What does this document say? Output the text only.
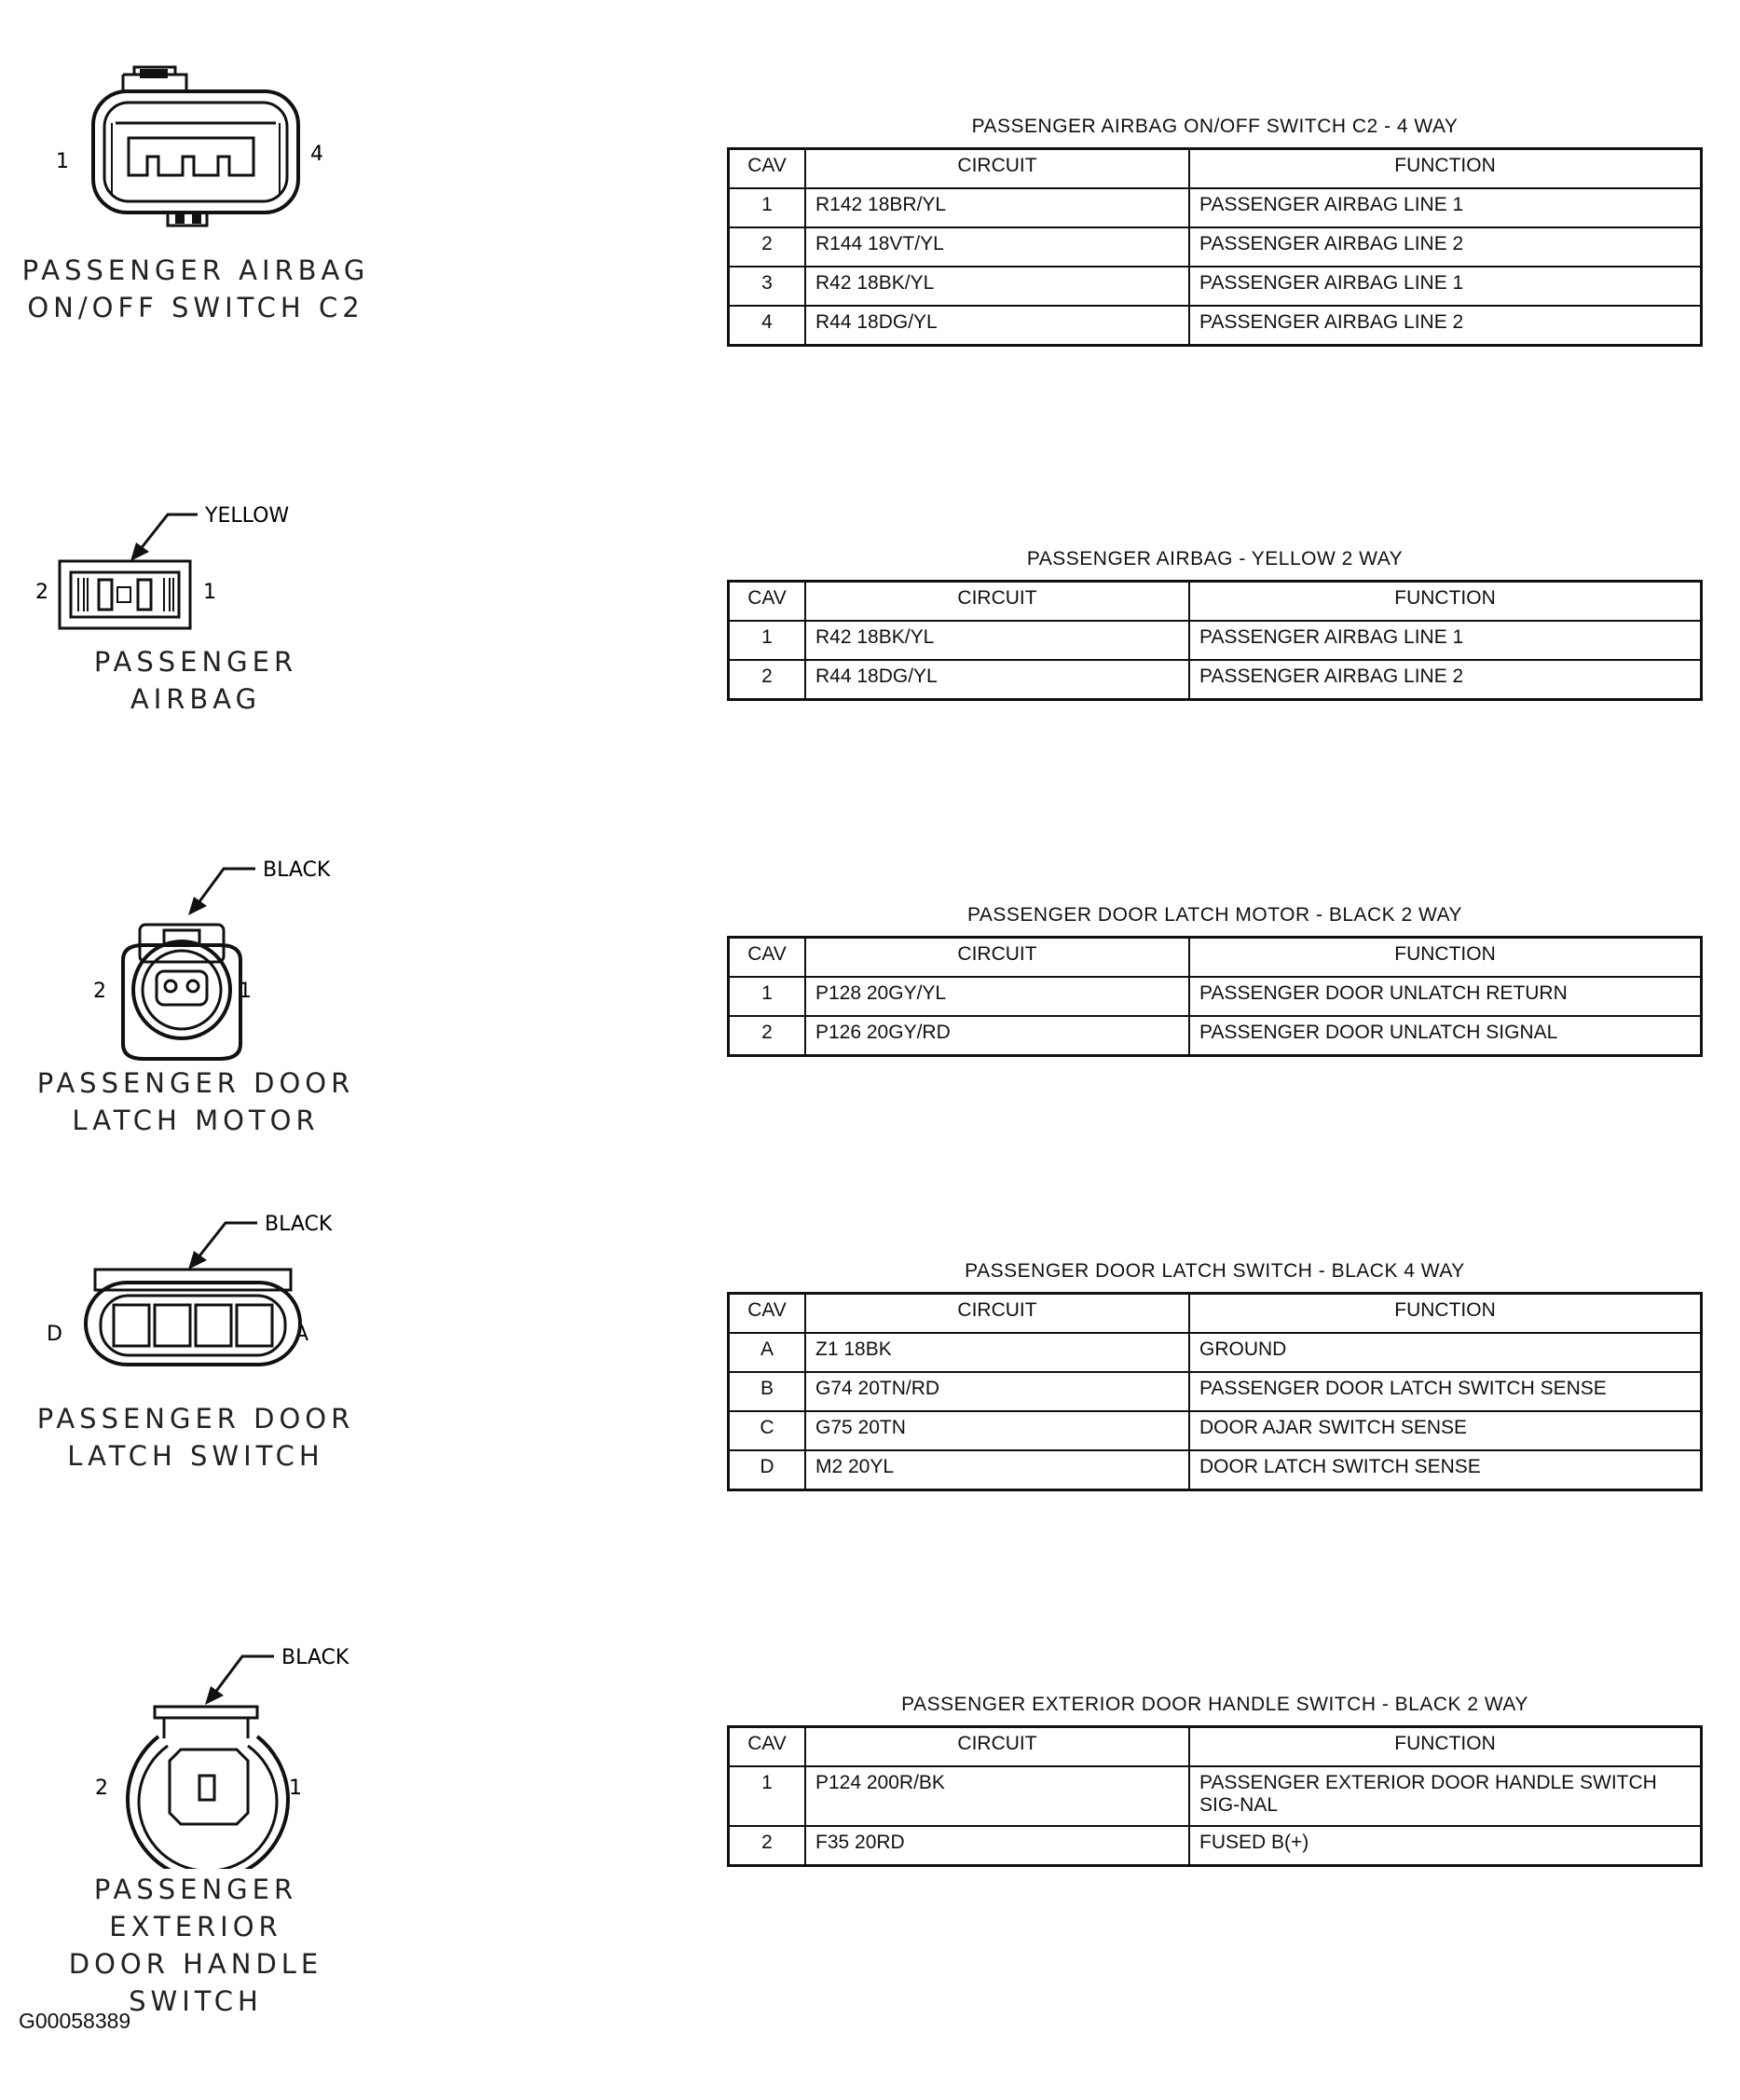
1	4
PASSENGER AIRBAG
ON/OFF SWITCH C2
PASSENGER AIRBAG ON/OFF SWITCH C2 - 4 WAY
CAV	CIRCUIT	FUNCTION
1	R142 18BR/YL	PASSENGER AIRBAG LINE 1
2	R144 18VT/YL	PASSENGER AIRBAG LINE 2
3	R42 18BK/YL	PASSENGER AIRBAG LINE 1
4	R44 18DG/YL	PASSENGER AIRBAG LINE 2
YELLOW
2	1
PASSENGER
AIRBAG
PASSENGER AIRBAG - YELLOW 2 WAY
CAV	CIRCUIT	FUNCTION
1	R42 18BK/YL	PASSENGER AIRBAG LINE 1
2	R44 18DG/YL	PASSENGER AIRBAG LINE 2
BLACK
2	1
PASSENGER DOOR
LATCH MOTOR
PASSENGER DOOR LATCH MOTOR - BLACK 2 WAY
CAV	CIRCUIT	FUNCTION
1	P128 20GY/YL	PASSENGER DOOR UNLATCH RETURN
2	P126 20GY/RD	PASSENGER DOOR UNLATCH SIGNAL
BLACK
D	A
PASSENGER DOOR
LATCH SWITCH
PASSENGER DOOR LATCH SWITCH - BLACK 4 WAY
CAV	CIRCUIT	FUNCTION
A	Z1 18BK	GROUND
B	G74 20TN/RD	PASSENGER DOOR LATCH SWITCH SENSE
C	G75 20TN	DOOR AJAR SWITCH SENSE
D	M2 20YL	DOOR LATCH SWITCH SENSE
BLACK
2	1
PASSENGER EXTERIOR
DOOR HANDLE
SWITCH
PASSENGER EXTERIOR DOOR HANDLE SWITCH - BLACK 2 WAY
CAV	CIRCUIT	FUNCTION
1	P124 200R/BK	PASSENGER EXTERIOR DOOR HANDLE SWITCH SIG-NAL
2	F35 20RD	FUSED B(+)
G00058389
